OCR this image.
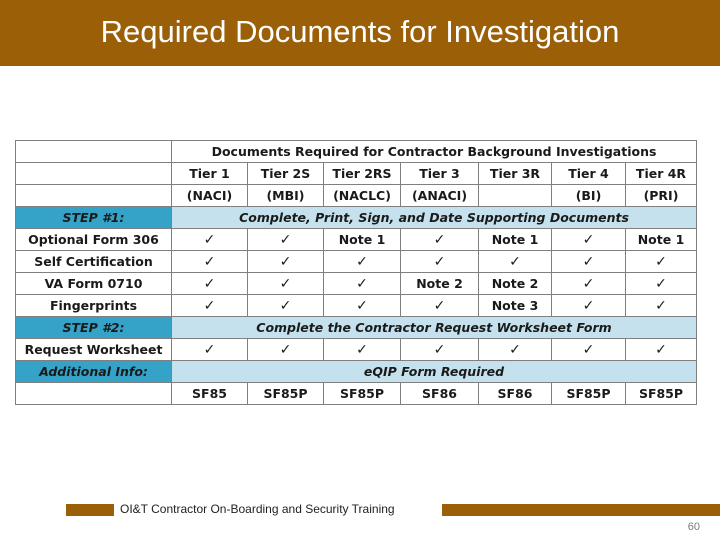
Required Documents for Investigation
	Documents Required for Contractor Background Investigations						
	Tier 1	Tier 2S	Tier 2RS	Tier 3	Tier 3R	Tier 4	Tier 4R
	(NACI)	(MBI)	(NACLC)	(ANACI)		(BI)	(PRI)
STEP #1:	Complete, Print, Sign, and Date Supporting Documents						
Optional Form 306	✓	✓	Note 1	✓	Note 1	✓	Note 1
Self Certification	✓	✓	✓	✓	✓	✓	✓
VA Form 0710	✓	✓	✓	Note 2	Note 2	✓	✓
Fingerprints	✓	✓	✓	✓	Note 3	✓	✓
STEP #2:	Complete the Contractor Request Worksheet Form						
Request Worksheet	✓	✓	✓	✓	✓	✓	✓
Additional Info:	eQIP Form Required						
	SF85	SF85P	SF85P	SF86	SF86	SF85P	SF85P
OI&T Contractor On-Boarding and Security Training
60
